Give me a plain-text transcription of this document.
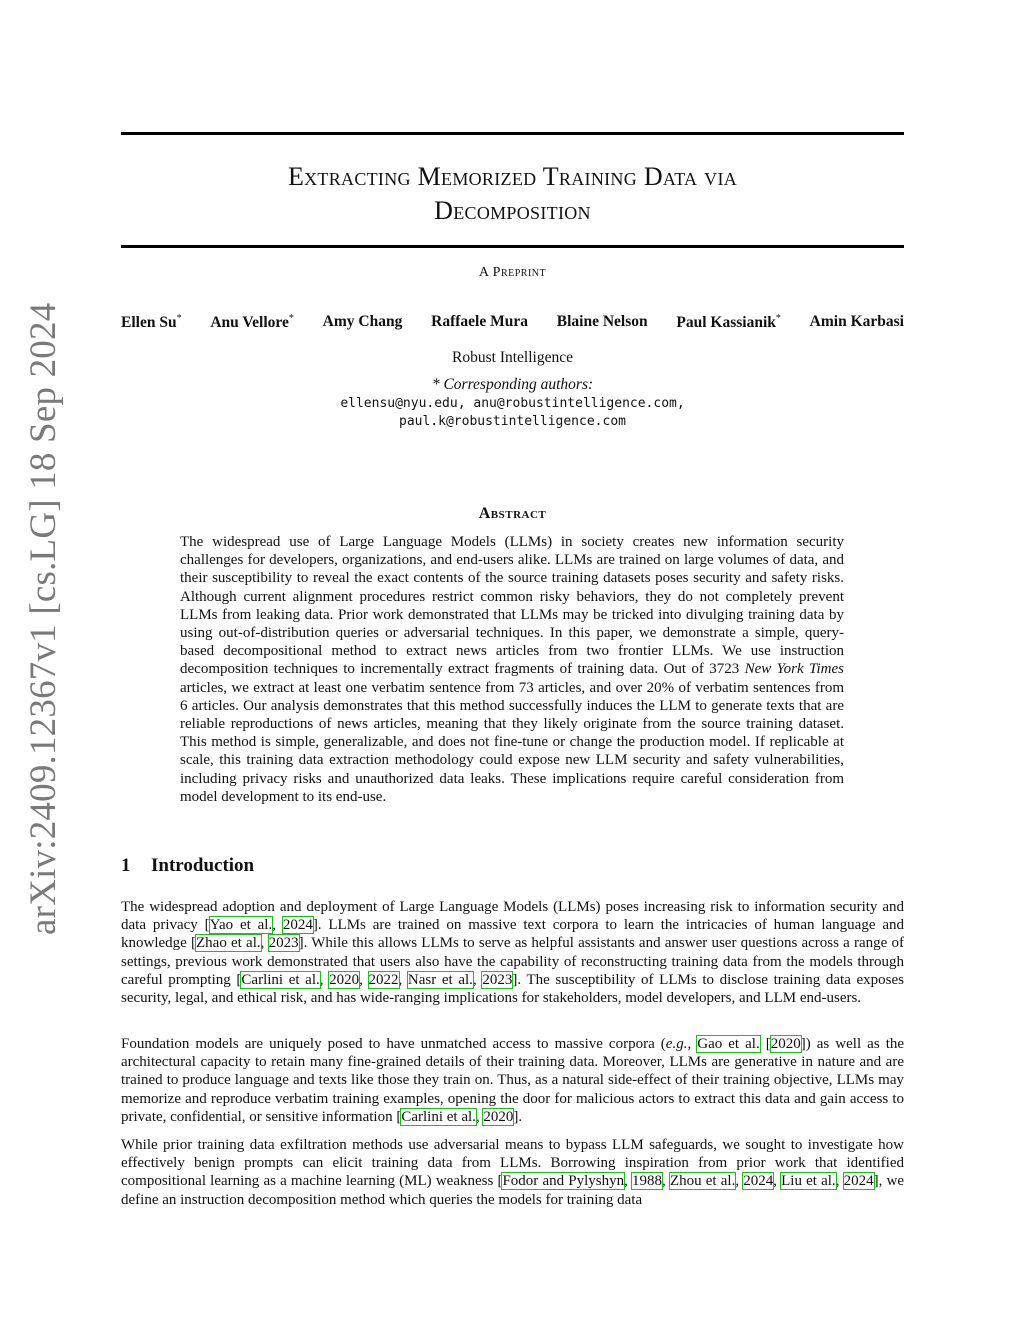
arXiv:2409.12367v1 [cs.LG] 18 Sep 2024
Extracting Memorized Training Data via
Decomposition
A Preprint
Ellen Su* Anu Vellore* Amy Chang Raffaele Mura Blaine Nelson Paul Kassianik* Amin Karbasi
Robust Intelligence
* Corresponding authors:
ellensu@nyu.edu, anu@robustintelligence.com,
paul.k@robustintelligence.com
Abstract
The widespread use of Large Language Models (LLMs) in society creates new information security challenges for developers, organizations, and end-users alike. LLMs are trained on large volumes of data, and their susceptibility to reveal the exact contents of the source training datasets poses security and safety risks. Although current alignment procedures restrict common risky behaviors, they do not completely prevent LLMs from leaking data. Prior work demonstrated that LLMs may be tricked into divulging training data by using out-of-distribution queries or adversarial techniques. In this paper, we demonstrate a simple, query-based decompositional method to extract news articles from two frontier LLMs. We use instruction decomposition techniques to incrementally extract fragments of training data. Out of 3723 New York Times articles, we extract at least one verbatim sentence from 73 articles, and over 20% of verbatim sentences from 6 articles. Our analysis demonstrates that this method successfully induces the LLM to generate texts that are reliable reproductions of news articles, meaning that they likely originate from the source training dataset. This method is simple, generalizable, and does not fine-tune or change the production model. If replicable at scale, this training data extraction methodology could expose new LLM security and safety vulnerabilities, including privacy risks and unauthorized data leaks. These implications require careful consideration from model development to its end-use.
1 Introduction
The widespread adoption and deployment of Large Language Models (LLMs) poses increasing risk to information security and data privacy [Yao et al., 2024]. LLMs are trained on massive text corpora to learn the intricacies of human language and knowledge [Zhao et al., 2023]. While this allows LLMs to serve as helpful assistants and answer user questions across a range of settings, previous work demonstrated that users also have the capability of reconstructing training data from the models through careful prompting [Carlini et al., 2020, 2022, Nasr et al., 2023]. The susceptibility of LLMs to disclose training data exposes security, legal, and ethical risk, and has wide-ranging implications for stakeholders, model developers, and LLM end-users.
Foundation models are uniquely posed to have unmatched access to massive corpora (e.g., Gao et al. [2020]) as well as the architectural capacity to retain many fine-grained details of their training data. Moreover, LLMs are generative in nature and are trained to produce language and texts like those they train on. Thus, as a natural side-effect of their training objective, LLMs may memorize and reproduce verbatim training examples, opening the door for malicious actors to extract this data and gain access to private, confidential, or sensitive information [Carlini et al., 2020].
While prior training data exfiltration methods use adversarial means to bypass LLM safeguards, we sought to investigate how effectively benign prompts can elicit training data from LLMs. Borrowing inspiration from prior work that identified compositional learning as a machine learning (ML) weakness [Fodor and Pylyshyn, 1988, Zhou et al., 2024, Liu et al., 2024], we define an instruction decomposition method which queries the models for training data
